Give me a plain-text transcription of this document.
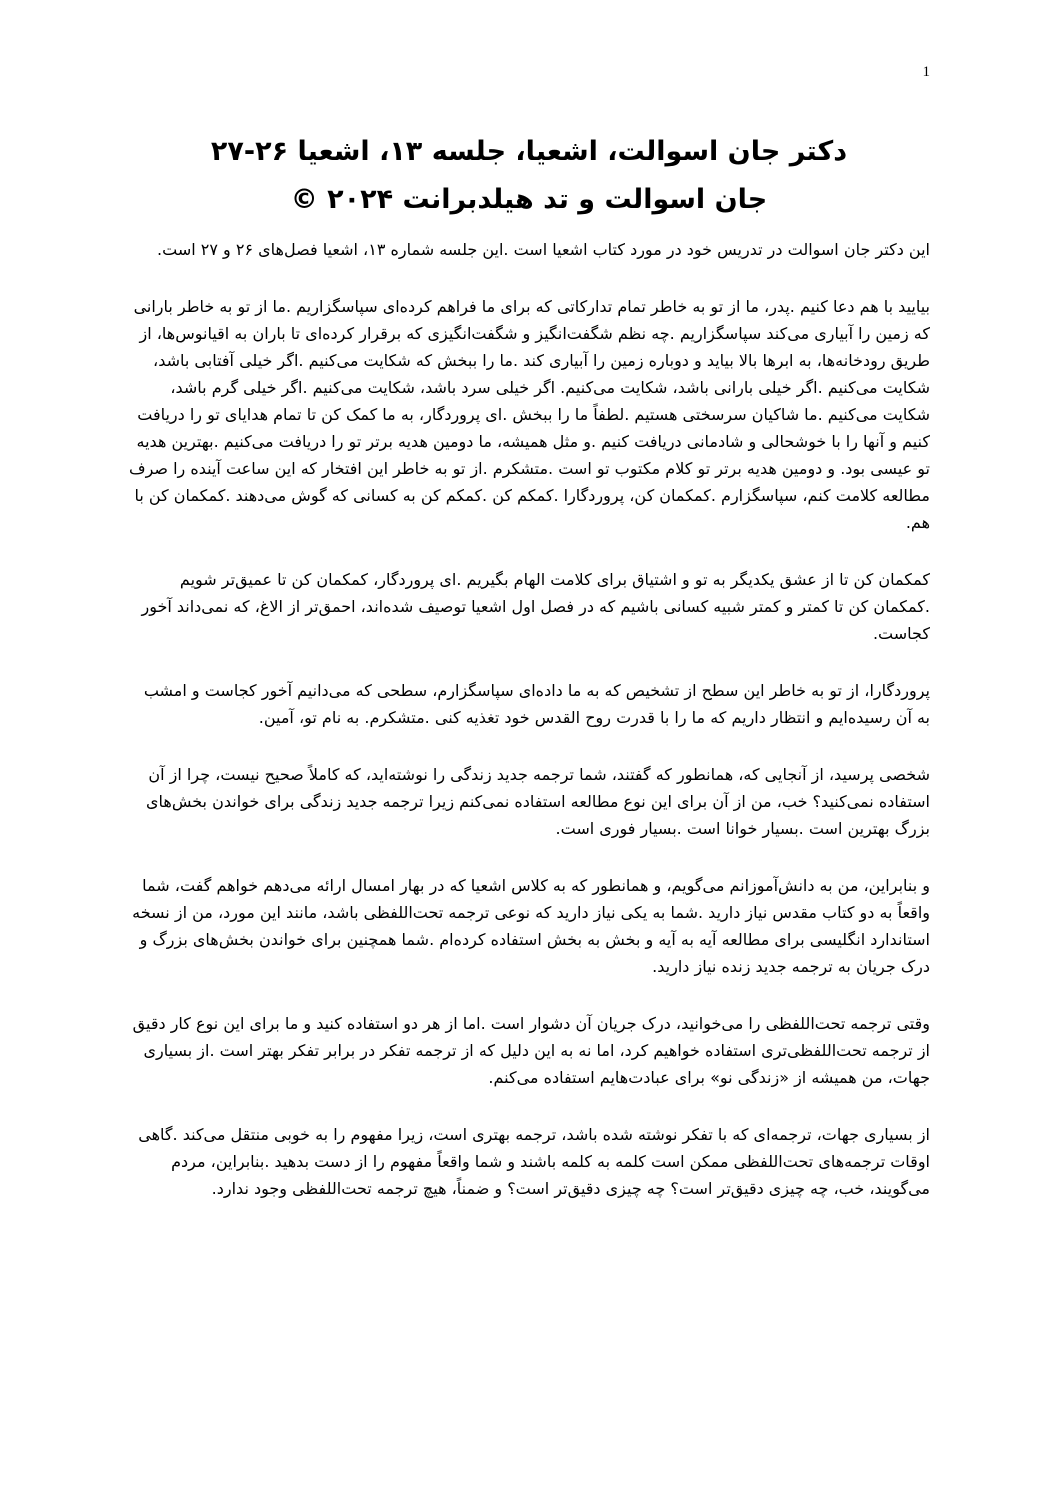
1

دکتر جان اسوالت، اشعیا، جلسه ۱۳، اشعیا ۲۶-۲۷

جان اسوالت و تد هیلدبرانت ۲۰۲۴ ©

این دکتر جان اسوالت در تدریس خود در مورد کتاب اشعیا است .این جلسه شماره ۱۳، اشعیا فصل‌های ۲۶ و ۲۷ است.

بیایید با هم دعا کنیم .پدر، ما از تو به خاطر تمام تدارکاتی که برای ما فراهم کرده‌ای سپاسگزاریم .ما از تو به خاطر بارانی که زمین را آبیاری می‌کند سپاسگزاریم .چه نظم شگفت‌انگیز و شگفت‌انگیزی که برقرار کرده‌ای تا باران به اقیانوس‌ها، از طریق رودخانه‌ها، به ابرها بالا بیاید و دوباره زمین را آبیاری کند .ما را ببخش که شکایت می‌کنیم .اگر خیلی آفتابی باشد، شکایت می‌کنیم .اگر خیلی بارانی باشد، شکایت می‌کنیم. اگر خیلی سرد باشد، شکایت می‌کنیم .اگر خیلی گرم باشد، شکایت می‌کنیم .ما شاکیان سرسختی هستیم .لطفاً ما را ببخش .ای پروردگار، به ما کمک کن تا تمام هدایای تو را دریافت کنیم و آنها را با خوشحالی و شادمانی دریافت کنیم .و مثل همیشه، ما دومین هدیه برتر تو را دریافت می‌کنیم .بهترین هدیه تو عیسی بود. و دومین هدیه برتر تو کلام مکتوب تو است .متشکرم .از تو به خاطر این افتخار که این ساعت آینده را صرف مطالعه کلامت کنم، سپاسگزارم .کمکمان کن، پروردگارا .کمکم کن .کمکم کن به کسانی که گوش می‌دهند .کمکمان کن با هم.

کمکمان کن تا از عشق یکدیگر به تو و اشتیاق برای کلامت الهام بگیریم .ای پروردگار، کمکمان کن تا عمیق‌تر شویم .کمکمان کن تا کمتر و کمتر شبیه کسانی باشیم که در فصل اول اشعیا توصیف شده‌اند، احمق‌تر از الاغ، که نمی‌داند آخور کجاست.

پروردگارا، از تو به خاطر این سطح از تشخیص که به ما داده‌ای سپاسگزارم، سطحی که می‌دانیم آخور کجاست و امشب به آن رسیده‌ایم و انتظار داریم که ما را با قدرت روح القدس خود تغذیه کنی .متشکرم. به نام تو، آمین.

شخصی پرسید، از آنجایی که، همانطور که گفتند، شما ترجمه جدید زندگی را نوشته‌اید، که کاملاً صحیح نیست، چرا از آن استفاده نمی‌کنید؟ خب، من از آن برای این نوع مطالعه استفاده نمی‌کنم زیرا ترجمه جدید زندگی برای خواندن بخش‌های بزرگ بهترین است .بسیار خوانا است .بسیار فوری است.

و بنابراین، من به دانش‌آموزانم می‌گویم، و همانطور که به کلاس اشعیا که در بهار امسال ارائه می‌دهم خواهم گفت، شما واقعاً به دو کتاب مقدس نیاز دارید .شما به یکی نیاز دارید که نوعی ترجمه تحت‌اللفظی باشد، مانند این مورد، من از نسخه استاندارد انگلیسی برای مطالعه آیه به آیه و بخش به بخش استفاده کرده‌ام .شما همچنین برای خواندن بخش‌های بزرگ و درک جریان به ترجمه جدید زنده نیاز دارید.

وقتی ترجمه تحت‌اللفظی را می‌خوانید، درک جریان آن دشوار است .اما از هر دو استفاده کنید و ما برای این نوع کار دقیق از ترجمه تحت‌اللفظی‌تری استفاده خواهیم کرد، اما نه به این دلیل که از ترجمه تفکر در برابر تفکر بهتر است .از بسیاری جهات، من همیشه از «زندگی نو» برای عبادت‌هایم استفاده می‌کنم.

از بسیاری جهات، ترجمه‌ای که با تفکر نوشته شده باشد، ترجمه بهتری است، زیرا مفهوم را به خوبی منتقل می‌کند .گاهی اوقات ترجمه‌های تحت‌اللفظی ممکن است کلمه به کلمه باشند و شما واقعاً مفهوم را از دست بدهید .بنابراین، مردم می‌گویند، خب، چه چیزی دقیق‌تر است؟ چه چیزی دقیق‌تر است؟ و ضمناً، هیچ ترجمه تحت‌اللفظی وجود ندارد.
